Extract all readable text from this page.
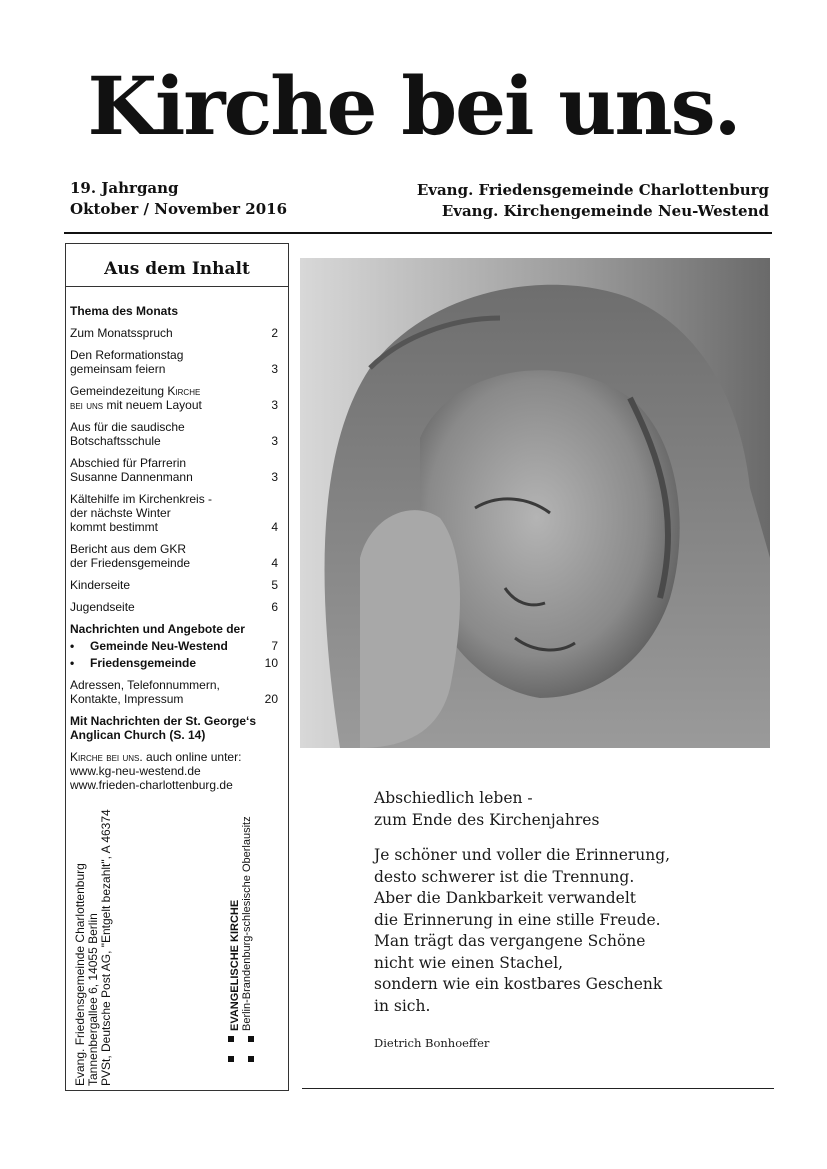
Kirche bei uns.
19. Jahrgang
Oktober / November 2016
Evang. Friedensgemeinde Charlottenburg
Evang. Kirchengemeinde Neu-Westend
Aus dem Inhalt
Thema des Monats
Zum Monatsspruch	2
Den Reformationstag
gemeinsam feiern	3
Gemeindezeitung Kirche
bei uns mit neuem Layout	3
Aus für die saudische
Botschaftsschule	3
Abschied für Pfarrerin
Susanne Dannenmann	3
Kältehilfe im Kirchenkreis -
der nächste Winter
kommt bestimmt	4
Bericht aus dem GKR
der Friedensgemeinde	4
Kinderseite	5
Jugendseite	6
Nachrichten und Angebote der
•	Gemeinde Neu-Westend	7
•	Friedensgemeinde	10
Adressen, Telefonnummern,
Kontakte, Impressum	20
Mit Nachrichten der St. George‘s Anglican Church (S. 14)
Kirche bei uns. auch online unter:
www.kg-neu-westend.de
www.frieden-charlottenburg.de
Evang. Friedensgemeinde Charlottenburg Tannenbergallee 6, 14055 Berlin PVSt, Deutsche Post AG, "Entgelt bezahlt", A 46374	EVANGELISCHE KIRCHE Berlin-Brandenburg-schlesische Oberlausitz
Abschiedlich leben -
zum Ende des Kirchenjahres
Je schöner und voller die Erinnerung,
desto schwerer ist die Trennung.
Aber die Dankbarkeit verwandelt
die Erinnerung in eine stille Freude.
Man trägt das vergangene Schöne
nicht wie einen Stachel,
sondern wie ein kostbares Geschenk
in sich.
Dietrich Bonhoeffer
